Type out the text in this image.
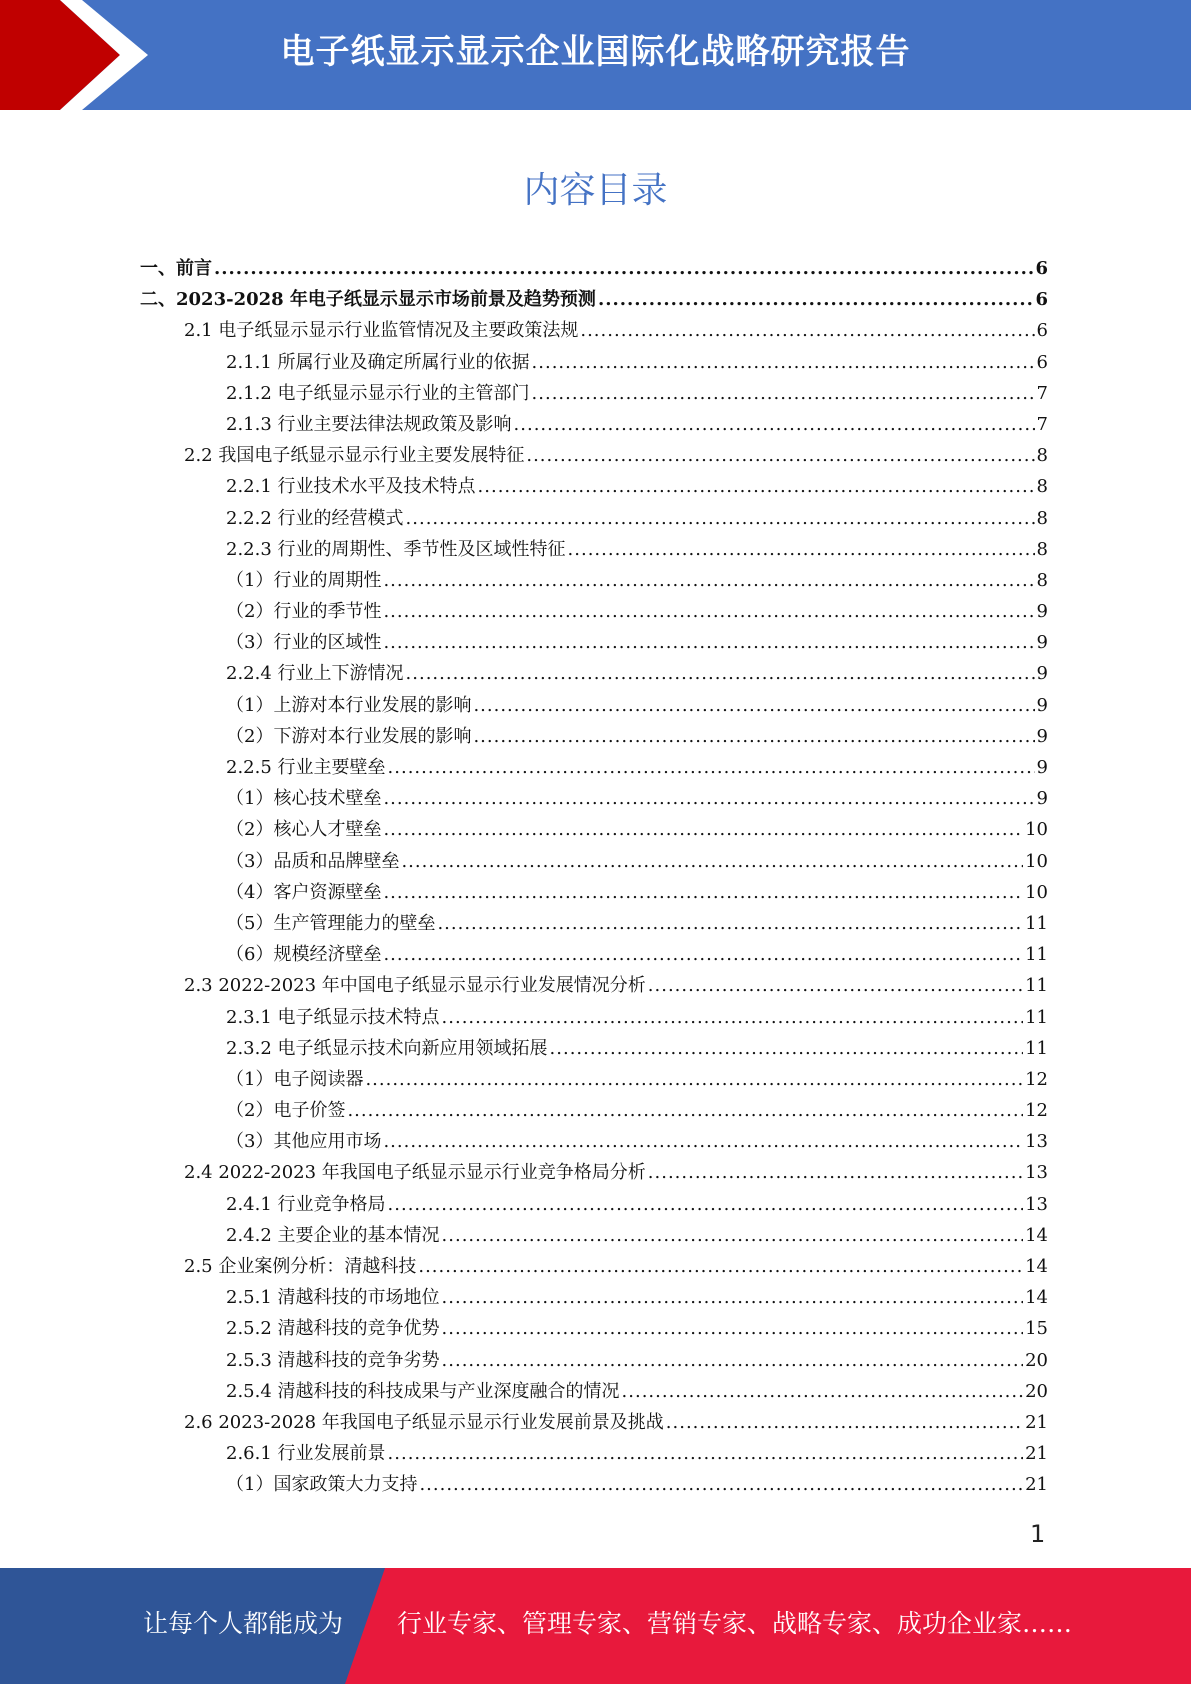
电子纸显示显示企业国际化战略研究报告
内容目录
一、前言 .....	6
二、2023-2028 年电子纸显示显示市场前景及趋势预测 .....	6
2.1 电子纸显示显示行业监管情况及主要政策法规 .....	6
2.1.1 所属行业及确定所属行业的依据 .....	6
2.1.2 电子纸显示显示行业的主管部门 .....	7
2.1.3 行业主要法律法规政策及影响 .....	7
2.2 我国电子纸显示显示行业主要发展特征 .....	8
2.2.1 行业技术水平及技术特点 .....	8
2.2.2 行业的经营模式 .....	8
2.2.3 行业的周期性、季节性及区域性特征 .....	8
（1）行业的周期性 .....	8
（2）行业的季节性 .....	9
（3）行业的区域性 .....	9
2.2.4 行业上下游情况 .....	9
（1）上游对本行业发展的影响 .....	9
（2）下游对本行业发展的影响 .....	9
2.2.5 行业主要壁垒 .....	9
（1）核心技术壁垒 .....	9
（2）核心人才壁垒 .....	10
（3）品质和品牌壁垒 .....	10
（4）客户资源壁垒 .....	10
（5）生产管理能力的壁垒 .....	11
（6）规模经济壁垒 .....	11
2.3 2022-2023 年中国电子纸显示显示行业发展情况分析 .....	11
2.3.1 电子纸显示技术特点 .....	11
2.3.2 电子纸显示技术向新应用领域拓展 .....	11
（1）电子阅读器 .....	12
（2）电子价签 .....	12
（3）其他应用市场 .....	13
2.4 2022-2023 年我国电子纸显示显示行业竞争格局分析 .....	13
2.4.1 行业竞争格局 .....	13
2.4.2 主要企业的基本情况 .....	14
2.5 企业案例分析：清越科技 .....	14
2.5.1 清越科技的市场地位 .....	14
2.5.2 清越科技的竞争优势 .....	15
2.5.3 清越科技的竞争劣势 .....	20
2.5.4 清越科技的科技成果与产业深度融合的情况 .....	20
2.6 2023-2028 年我国电子纸显示显示行业发展前景及挑战 .....	21
2.6.1 行业发展前景 .....	21
（1）国家政策大力支持 .....	21
1
让每个人都能成为 行业专家、管理专家、营销专家、战略专家、成功企业家……
